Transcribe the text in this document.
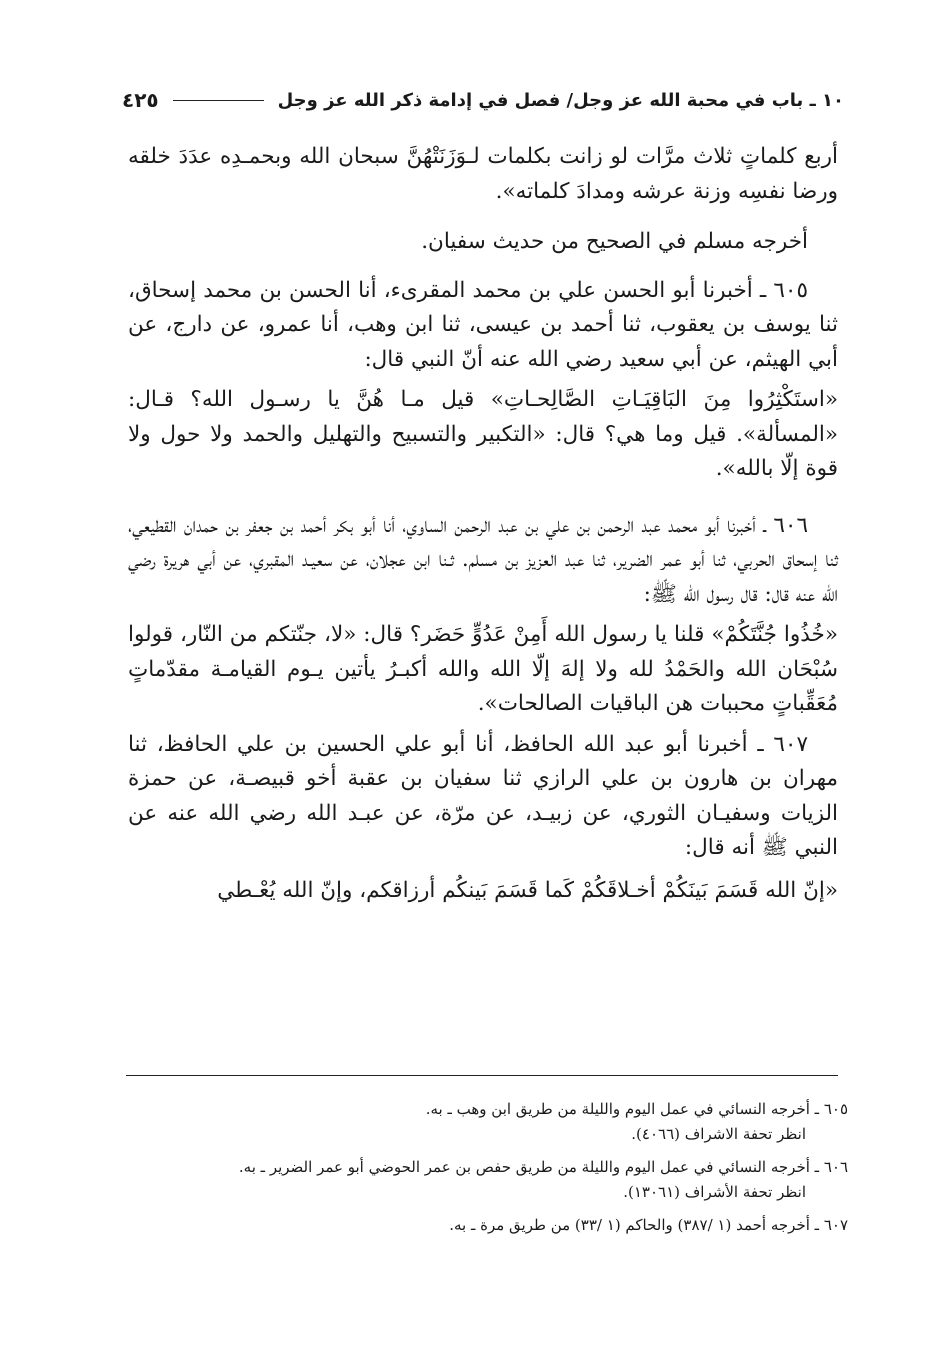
١٠ ـ باب في محبة الله عز وجل/ فصل في إدامة ذكر الله عز وجل
٤٢٥

أربع كلماتٍ ثلاث مرَّات لو زانت بكلمات لـوَزَنَتْهُنَّ سبحان الله وبحمـدِه عدَدَ خلقه ورضا نفسِه وزنة عرشه ومدادَ كلماته».

أخرجه مسلم في الصحيح من حديث سفيان.

٦٠٥ ـ أخبرنا أبو الحسن علي بن محمد المقرىء، أنا الحسن بن محمد إسحاق، ثنا يوسف بن يعقوب، ثنا أحمد بن عيسى، ثنا ابن وهب، أنا عمرو، عن دارج، عن أبي الهيثم، عن أبي سعيد رضي الله عنه أنّ النبي قال:

«استَكْثِرُوا مِنَ البَاقِيَـاتِ الصَّالِحـاتِ» قيل مـا هُنَّ يا رسـول الله؟ قـال: «المسألة». قيل وما هي؟ قال: «التكبير والتسبيح والتهليل والحمد ولا حول ولا قوة إلّا بالله».

٦٠٦ ـ أخبرنا أبو محمد عبد الرحمن بن علي بن عبد الرحمن الساوي، أنا أبو بكر أحمد بن جعفر بن حمدان القطيعي، ثنا إسحاق الحربي، ثنا أبو عمر الضرير، ثنا عبد العزيز بن مسلم. ثـنا ابن عجلان، عن سعيـد المقبري، عن أبي هريرة رضي الله عنه قال: قال رسول الله ﷺ:

«خُذُوا جُنَّتَكُمْ» قلنا يا رسول الله أَمِنْ عَدُوٍّ حَضَر؟ قال: «لا، جنّتكم من النّار، قولوا سُبْحَان الله والحَمْدُ لله ولا إلهَ إلّا الله والله أكبـرُ يأتين يـوم القيامـة مقدّماتٍ مُعَقِّباتٍ محببات هن الباقيات الصالحات».

٦٠٧ ـ أخبرنا أبو عبد الله الحافظ، أنا أبو علي الحسين بن علي الحافظ، ثنا مهران بن هارون بن علي الرازي ثنا سفيان بن عقبة أخو قبيصـة، عن حمزة الزيات وسفيـان الثوري، عن زبيـد، عن مرّة، عن عبـد الله رضي الله عنه عن النبي ﷺ أنه قال:

«إنّ الله قَسَمَ بَينَكُمْ أخـلاقَكُمْ كَما قَسَمَ بَينكُم أرزاقكم، وإنّ الله يُعْـطي

٦٠٥ ـ أخرجه النسائي في عمل اليوم والليلة من طريق ابن وهب ـ به.
انظر تحفة الاشراف (٤٠٦٦).
٦٠٦ ـ أخرجه النسائي في عمل اليوم والليلة من طريق حفص بن عمر الحوضي أبو عمر الضرير ـ به.
انظر تحفة الأشراف (١٣٠٦١).
٦٠٧ ـ أخرجه أحمد (١ /٣٨٧) والحاكم (١ /٣٣) من طريق مرة ـ به.
